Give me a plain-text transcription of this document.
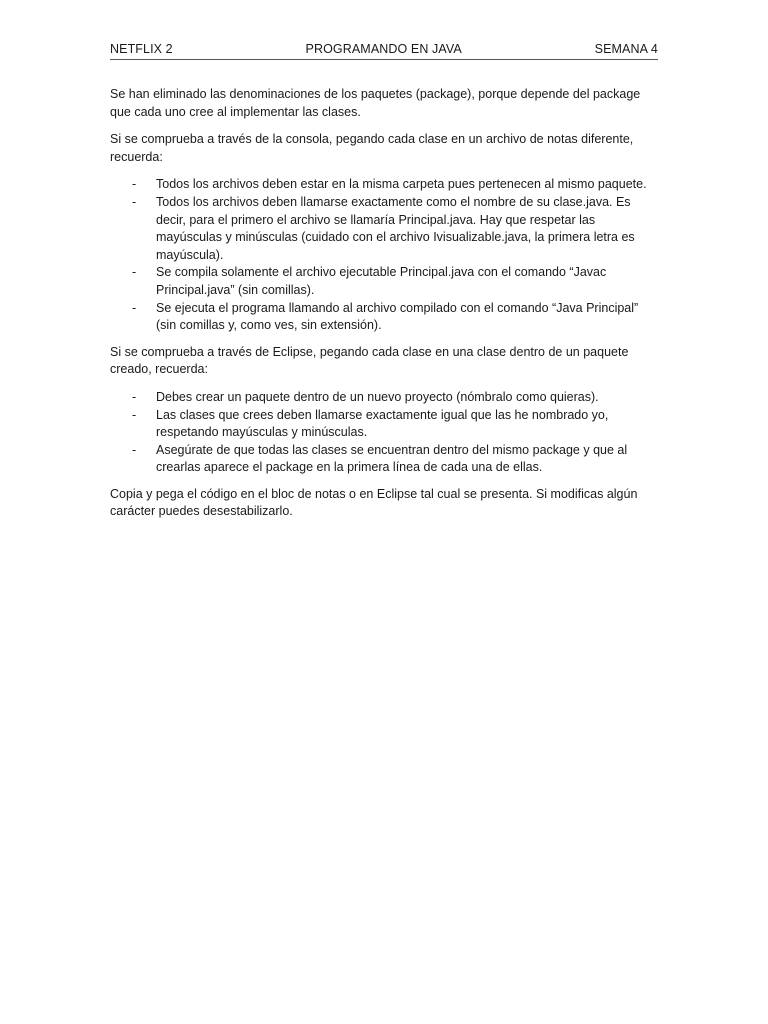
NETFLIX 2	PROGRAMANDO EN JAVA	SEMANA 4

Se han eliminado las denominaciones de los paquetes (package), porque depende del package que cada uno cree al implementar las clases.

Si se comprueba a través de la consola, pegando cada clase en un archivo de notas diferente, recuerda:

- Todos los archivos deben estar en la misma carpeta pues pertenecen al mismo paquete.
- Todos los archivos deben llamarse exactamente como el nombre de su clase.java. Es decir, para el primero el archivo se llamaría Principal.java. Hay que respetar las mayúsculas y minúsculas (cuidado con el archivo Ivisualizable.java, la primera letra es mayúscula).
- Se compila solamente el archivo ejecutable Principal.java con el comando “Javac Principal.java” (sin comillas).
- Se ejecuta el programa llamando al archivo compilado con el comando “Java Principal” (sin comillas y, como ves, sin extensión).

Si se comprueba a través de Eclipse, pegando cada clase en una clase dentro de un paquete creado, recuerda:

- Debes crear un paquete dentro de un nuevo proyecto (nómbralo como quieras).
- Las clases que crees deben llamarse exactamente igual que las he nombrado yo, respetando mayúsculas y minúsculas.
- Asegúrate de que todas las clases se encuentran dentro del mismo package y que al crearlas aparece el package en la primera línea de cada una de ellas.

Copia y pega el código en el bloc de notas o en Eclipse tal cual se presenta. Si modificas algún carácter puedes desestabilizarlo.
